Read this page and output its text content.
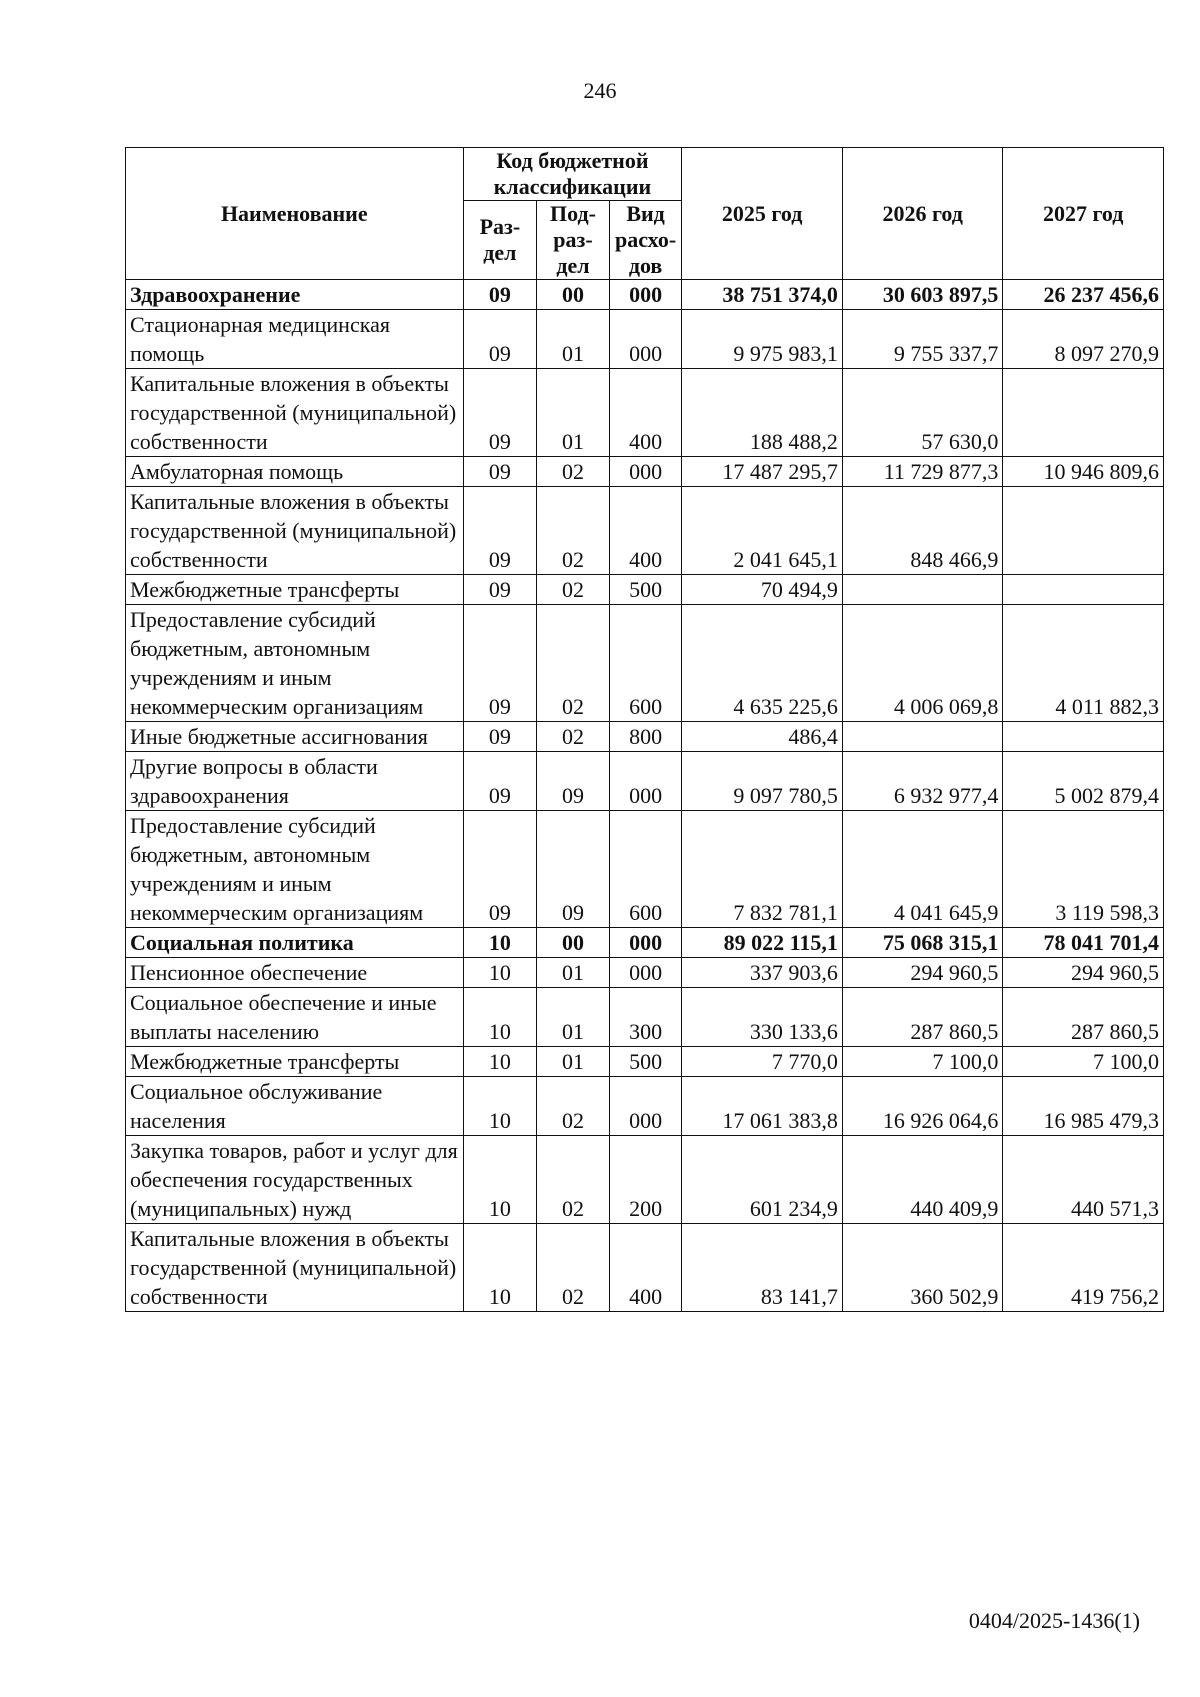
246
Наименование	Код бюджетной классификации			2025 год	2026 год	2027 год
	Раз-дел	Под-раз-дел	Вид расхо-дов			
Здравоохранение	09	00	000	38 751 374,0	30 603 897,5	26 237 456,6
Стационарная медицинская помощь	09	01	000	9 975 983,1	9 755 337,7	8 097 270,9
Капитальные вложения в объекты государственной (муниципальной) собственности	09	01	400	188 488,2	57 630,0	
Амбулаторная помощь	09	02	000	17 487 295,7	11 729 877,3	10 946 809,6
Капитальные вложения в объекты государственной (муниципальной) собственности	09	02	400	2 041 645,1	848 466,9	
Межбюджетные трансферты	09	02	500	70 494,9		
Предоставление субсидий бюджетным, автономным учреждениям и иным некоммерческим организациям	09	02	600	4 635 225,6	4 006 069,8	4 011 882,3
Иные бюджетные ассигнования	09	02	800	486,4		
Другие вопросы в области здравоохранения	09	09	000	9 097 780,5	6 932 977,4	5 002 879,4
Предоставление субсидий бюджетным, автономным учреждениям и иным некоммерческим организациям	09	09	600	7 832 781,1	4 041 645,9	3 119 598,3
Социальная политика	10	00	000	89 022 115,1	75 068 315,1	78 041 701,4
Пенсионное обеспечение	10	01	000	337 903,6	294 960,5	294 960,5
Социальное обеспечение и иные выплаты населению	10	01	300	330 133,6	287 860,5	287 860,5
Межбюджетные трансферты	10	01	500	7 770,0	7 100,0	7 100,0
Социальное обслуживание населения	10	02	000	17 061 383,8	16 926 064,6	16 985 479,3
Закупка товаров, работ и услуг для обеспечения государственных (муниципальных) нужд	10	02	200	601 234,9	440 409,9	440 571,3
Капитальные вложения в объекты государственной (муниципальной) собственности	10	02	400	83 141,7	360 502,9	419 756,2
0404/2025-1436(1)
